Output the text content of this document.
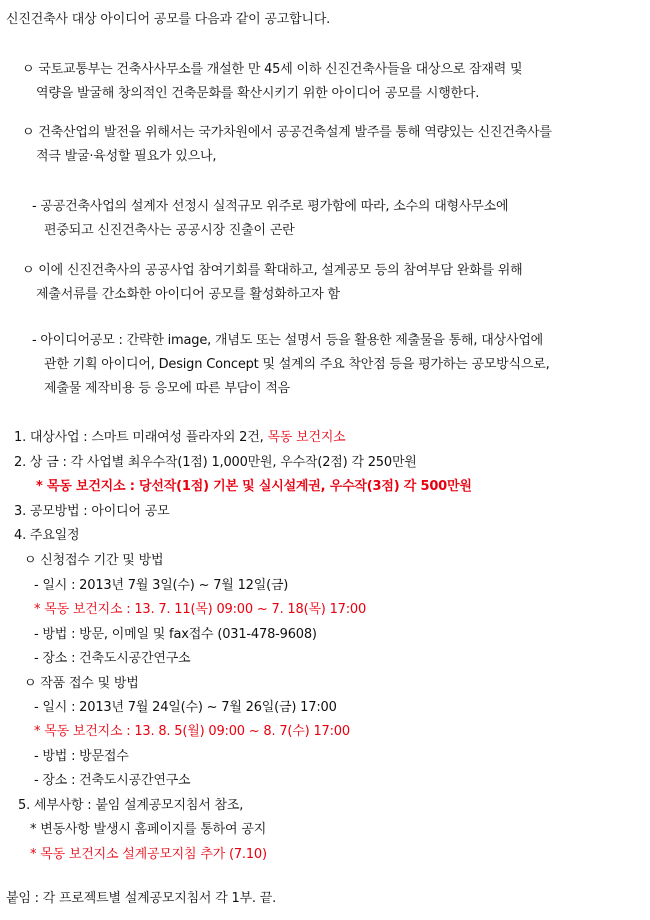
신진건축사 대상 아이디어 공모를 다음과 같이 공고합니다.
ㅇ 국토교통부는 건축사사무소를 개설한 만 45세 이하 신진건축사들을 대상으로 잠재력 및
역량을 발굴해 창의적인 건축문화를 확산시키기 위한 아이디어 공모를 시행한다.
ㅇ 건축산업의 발전을 위해서는 국가차원에서 공공건축설계 발주를 통해 역량있는 신진건축사를
적극 발굴·육성할 필요가 있으나,
- 공공건축사업의 설계자 선정시 실적규모 위주로 평가함에 따라, 소수의 대형사무소에
편중되고 신진건축사는 공공시장 진출이 곤란
ㅇ 이에 신진건축사의 공공사업 참여기회를 확대하고, 설계공모 등의 참여부담 완화를 위해
제출서류를 간소화한 아이디어 공모를 활성화하고자 함
- 아이디어공모 : 간략한 image, 개념도 또는 설명서 등을 활용한 제출물을 통해, 대상사업에
관한 기획 아이디어, Design Concept 및 설계의 주요 착안점 등을 평가하는 공모방식으로,
제출물 제작비용 등 응모에 따른 부담이 적음
1. 대상사업 : 스마트 미래여성 플라자외 2건, 목동 보건지소
2. 상 금 : 각 사업별 최우수작(1점) 1,000만원, 우수작(2점) 각 250만원
* 목동 보건지소 : 당선작(1점) 기본 및 실시설계권, 우수작(3점) 각 500만원
3. 공모방법 : 아이디어 공모
4. 주요일정
ㅇ 신청접수 기간 및 방법
- 일시 : 2013년 7월 3일(수) ~ 7월 12일(금)
* 목동 보건지소 : 13. 7. 11(목) 09:00 ~ 7. 18(목) 17:00
- 방법 : 방문, 이메일 및 fax접수 (031-478-9608)
- 장소 : 건축도시공간연구소
ㅇ 작품 접수 및 방법
- 일시 : 2013년 7월 24일(수) ~ 7월 26일(금) 17:00
* 목동 보건지소 : 13. 8. 5(월) 09:00 ~ 8. 7(수) 17:00
- 방법 : 방문접수
- 장소 : 건축도시공간연구소
5. 세부사항 : 붙임 설계공모지침서 참조,
* 변동사항 발생시 홈페이지를 통하여 공지
* 목동 보건지소 설계공모지침 추가 (7.10)
붙임 : 각 프로젝트별 설계공모지침서 각 1부. 끝.
